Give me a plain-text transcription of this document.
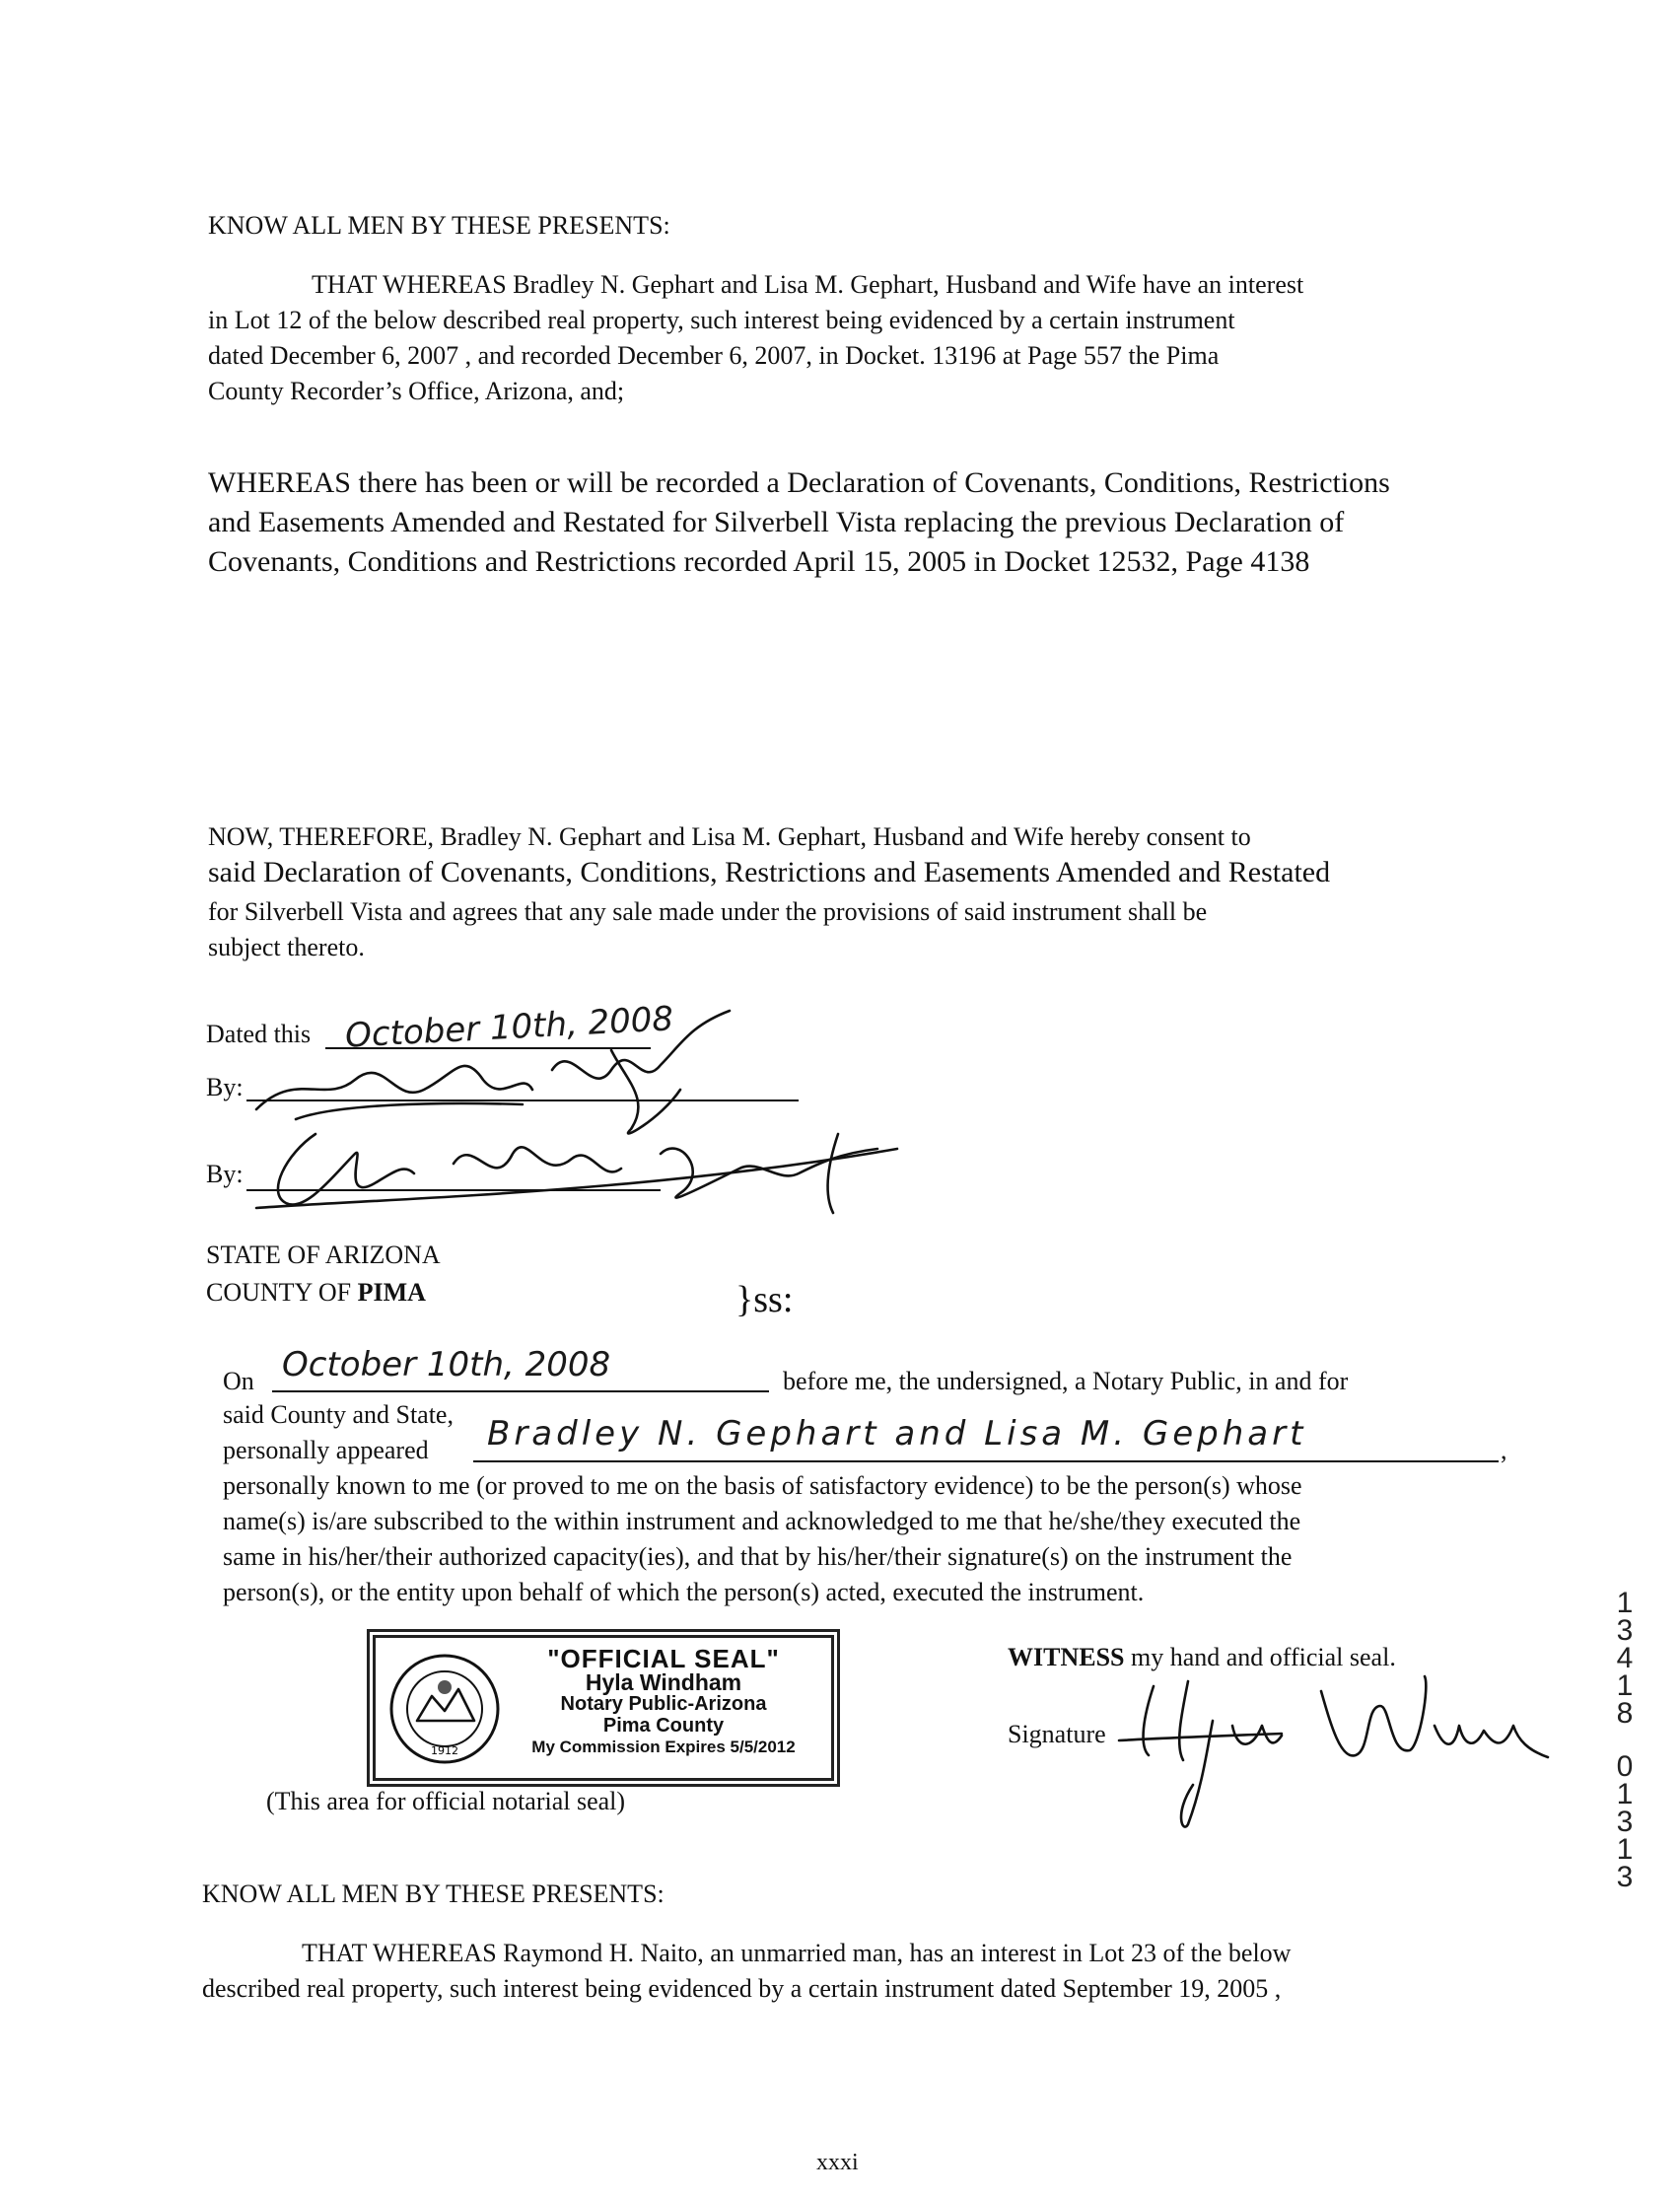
KNOW ALL MEN BY THESE PRESENTS:
THAT WHEREAS Bradley N. Gephart and Lisa M. Gephart, Husband and Wife have an interest
in Lot 12 of the below described real property, such interest being evidenced by a certain instrument
dated December 6, 2007 , and recorded December 6, 2007, in Docket. 13196 at Page 557 the Pima
County Recorder’s Office, Arizona, and;
WHEREAS there has been or will be recorded a Declaration of Covenants, Conditions, Restrictions
and Easements Amended and Restated for Silverbell Vista replacing the previous Declaration of
Covenants, Conditions and Restrictions recorded April 15, 2005 in Docket 12532, Page 4138
NOW, THEREFORE, Bradley N. Gephart and Lisa M. Gephart, Husband and Wife hereby consent to
said Declaration of Covenants, Conditions, Restrictions and Easements Amended and Restated
for Silverbell Vista and agrees that any sale made under the provisions of said instrument shall be
subject thereto.
Dated this October 10th, 2008
By:
By:
STATE OF ARIZONA
COUNTY OF PIMA	}ss:
On October 10th, 2008	before me, the undersigned, a Notary Public, in and for
said County and State,
personally appeared Bradley N. Gephart and Lisa M. Gephart	,
personally known to me (or proved to me on the basis of satisfactory evidence) to be the person(s) whose
name(s) is/are subscribed to the within instrument and acknowledged to me that he/she/they executed the
same in his/her/their authorized capacity(ies), and that by his/her/their signature(s) on the instrument the
person(s), or the entity upon behalf of which the person(s) acted, executed the instrument.
1912
"OFFICIAL SEAL"
Hyla Windham
Notary Public-Arizona
Pima County
My Commission Expires 5/5/2012
(This area for official notarial seal)
WITNESS my hand and official seal.
Signature
KNOW ALL MEN BY THESE PRESENTS:
THAT WHEREAS Raymond H. Naito, an unmarried man, has an interest in Lot 23 of the below
described real property, such interest being evidenced by a certain instrument dated September 19, 2005 ,
1
3
4
1
8
0
1
3
1
3
xxxi
